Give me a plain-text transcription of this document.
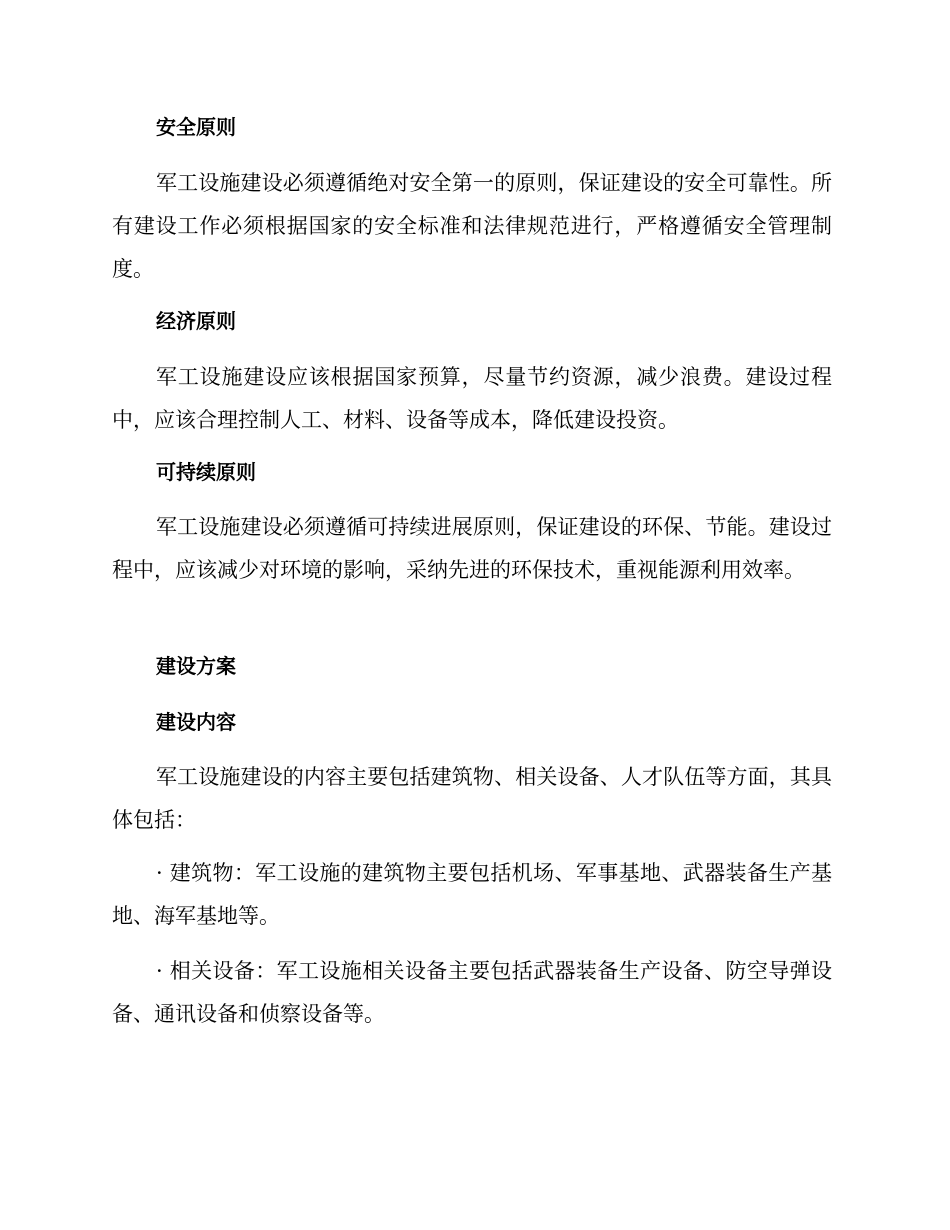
安全原则

军工设施建设必须遵循绝对安全第一的原则，保证建设的安全可靠性。所有建设工作必须根据国家的安全标准和法律规范进行，严格遵循安全管理制度。

经济原则

军工设施建设应该根据国家预算，尽量节约资源，减少浪费。建设过程中，应该合理控制人工、材料、设备等成本，降低建设投资。

可持续原则

军工设施建设必须遵循可持续进展原则，保证建设的环保、节能。建设过程中，应该减少对环境的影响，采纳先进的环保技术，重视能源利用效率。

建设方案
建设内容

军工设施建设的内容主要包括建筑物、相关设备、人才队伍等方面，其具体包括：

· 建筑物：军工设施的建筑物主要包括机场、军事基地、武器装备生产基地、海军基地等。

· 相关设备：军工设施相关设备主要包括武器装备生产设备、防空导弹设备、通讯设备和侦察设备等。
